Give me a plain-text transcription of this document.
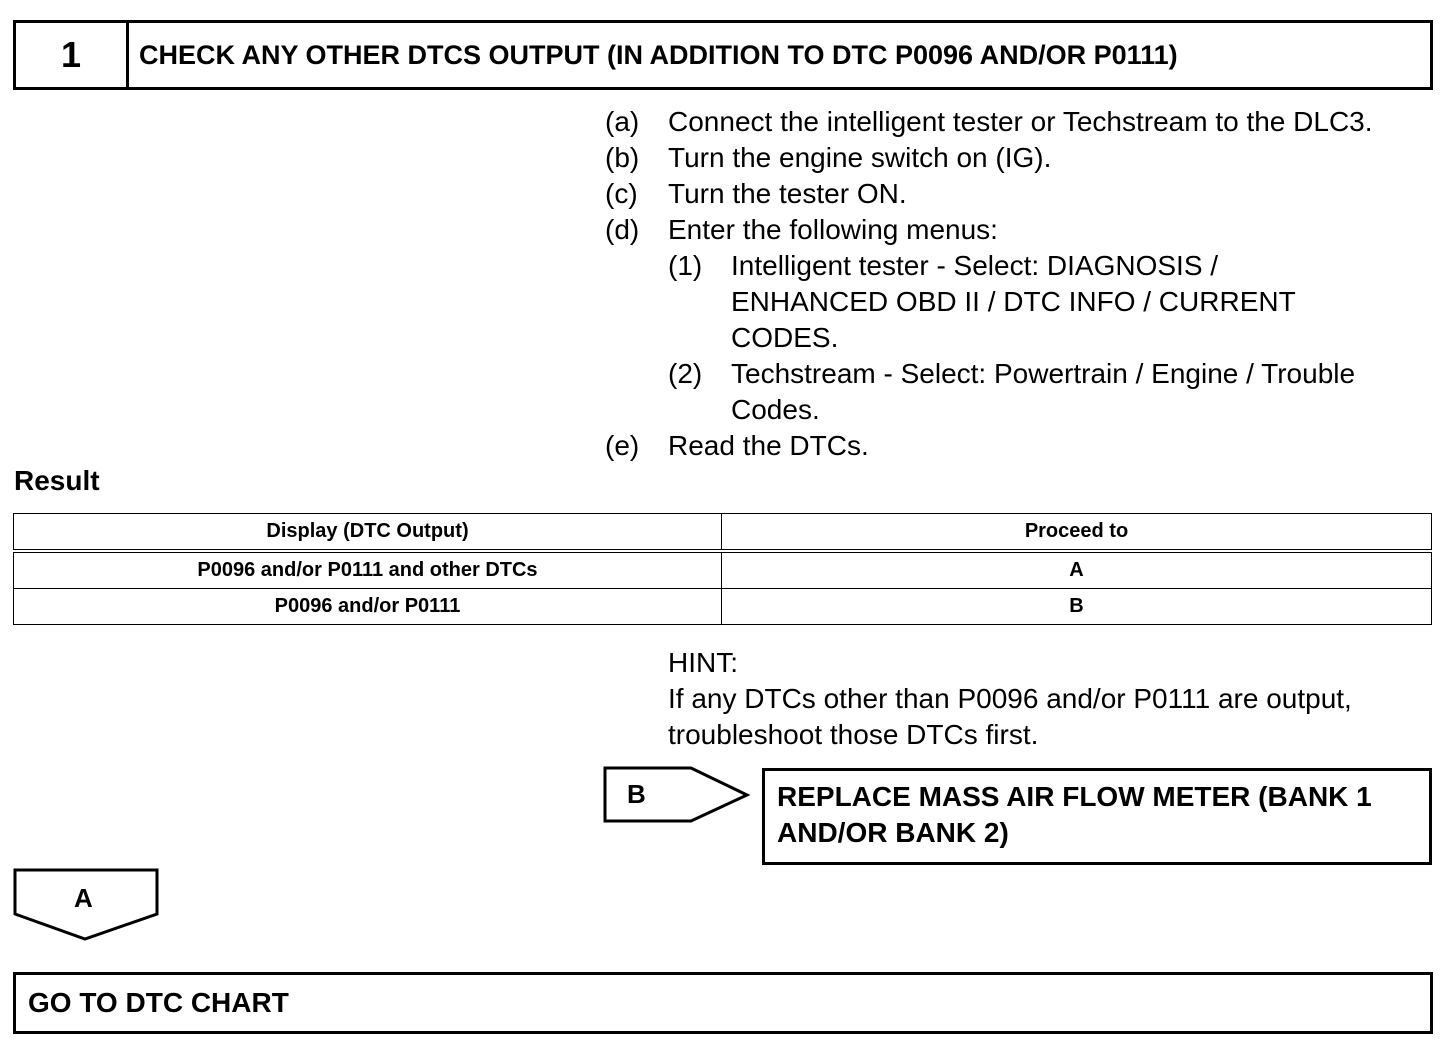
1	CHECK ANY OTHER DTCS OUTPUT (IN ADDITION TO DTC P0096 AND/OR P0111)
(a) Connect the intelligent tester or Techstream to the DLC3.
(b) Turn the engine switch on (IG).
(c) Turn the tester ON.
(d) Enter the following menus:
(1) Intelligent tester - Select: DIAGNOSIS /
ENHANCED OBD II / DTC INFO / CURRENT
CODES.
(2) Techstream - Select: Powertrain / Engine / Trouble
Codes.
(e) Read the DTCs.
Result
Display (DTC Output)	Proceed to
P0096 and/or P0111 and other DTCs	A
P0096 and/or P0111	B
HINT:
If any DTCs other than P0096 and/or P0111 are output,
troubleshoot those DTCs first.
B	REPLACE MASS AIR FLOW METER (BANK 1
AND/OR BANK 2)
A
GO TO DTC CHART
